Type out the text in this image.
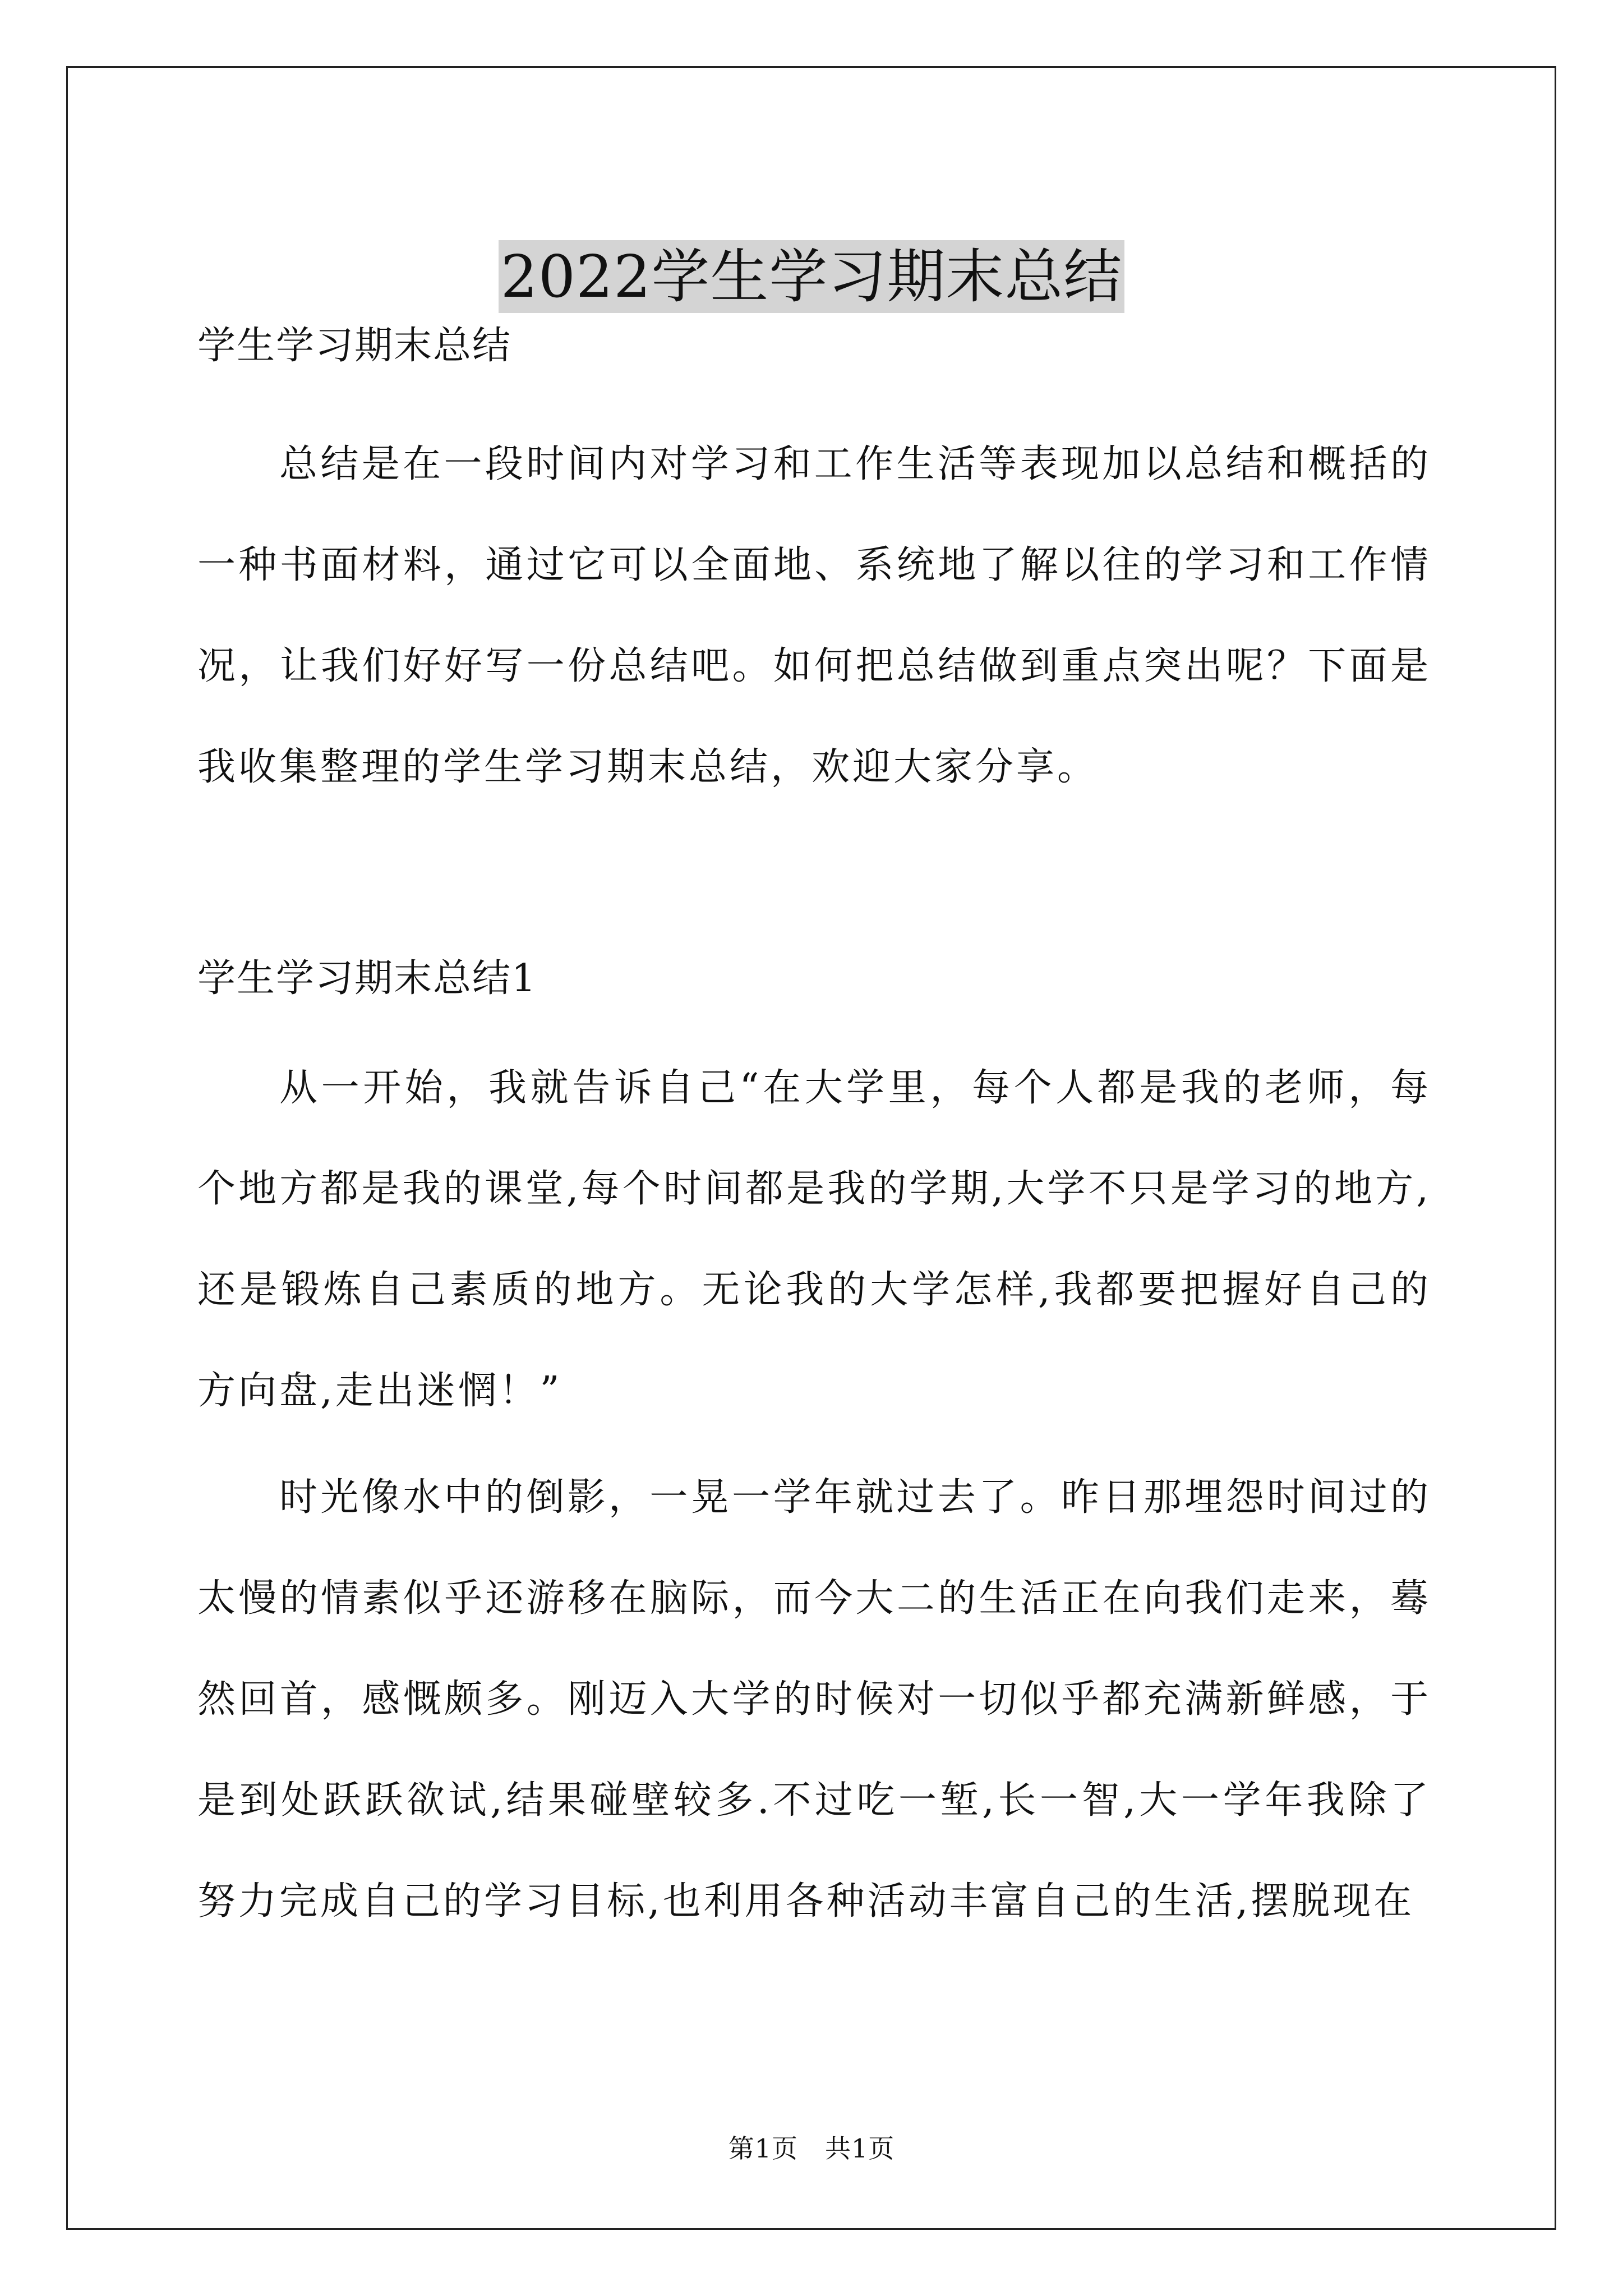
2022学生学习期末总结

学生学习期末总结

总结是在一段时间内对学习和工作生活等表现加以总结和概括的一种书面材料，通过它可以全面地、系统地了解以往的学习和工作情况，让我们好好写一份总结吧。如何把总结做到重点突出呢？下面是我收集整理的学生学习期末总结，欢迎大家分享。

学生学习期末总结1

从一开始，我就告诉自己“在大学里，每个人都是我的老师，每个地方都是我的课堂,每个时间都是我的学期,大学不只是学习的地方,还是锻炼自己素质的地方。无论我的大学怎样,我都要把握好自己的方向盘,走出迷惘！”

时光像水中的倒影，一晃一学年就过去了。昨日那埋怨时间过的太慢的情素似乎还游移在脑际，而今大二的生活正在向我们走来，蓦然回首，感慨颇多。刚迈入大学的时候对一切似乎都充满新鲜感，于是到处跃跃欲试,结果碰壁较多.不过吃一堑,长一智,大一学年我除了努力完成自己的学习目标,也利用各种活动丰富自己的生活,摆脱现在

第1页 共1页
